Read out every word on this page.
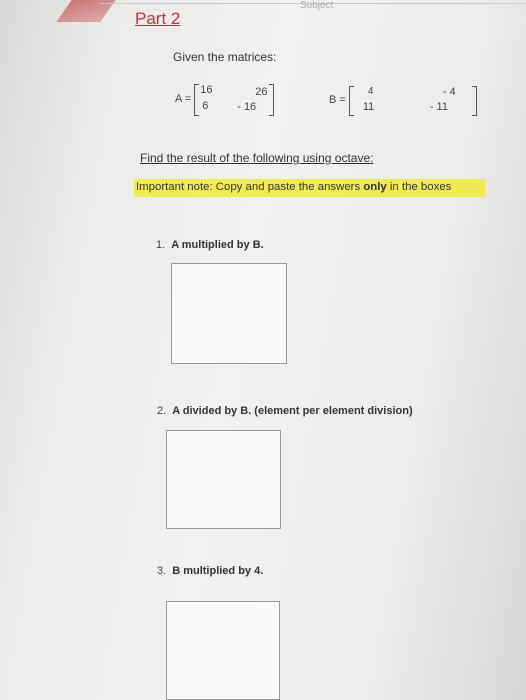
Subject
Part 2
Given the matrices:
A =
16	26
6	- 16
B =
4	- 4
11	- 11
Find the result of the following using octave:
Important note: Copy and paste the answers only in the boxes
1. A multiplied by B.
2. A divided by B. (element per element division)
3. B multiplied by 4.
